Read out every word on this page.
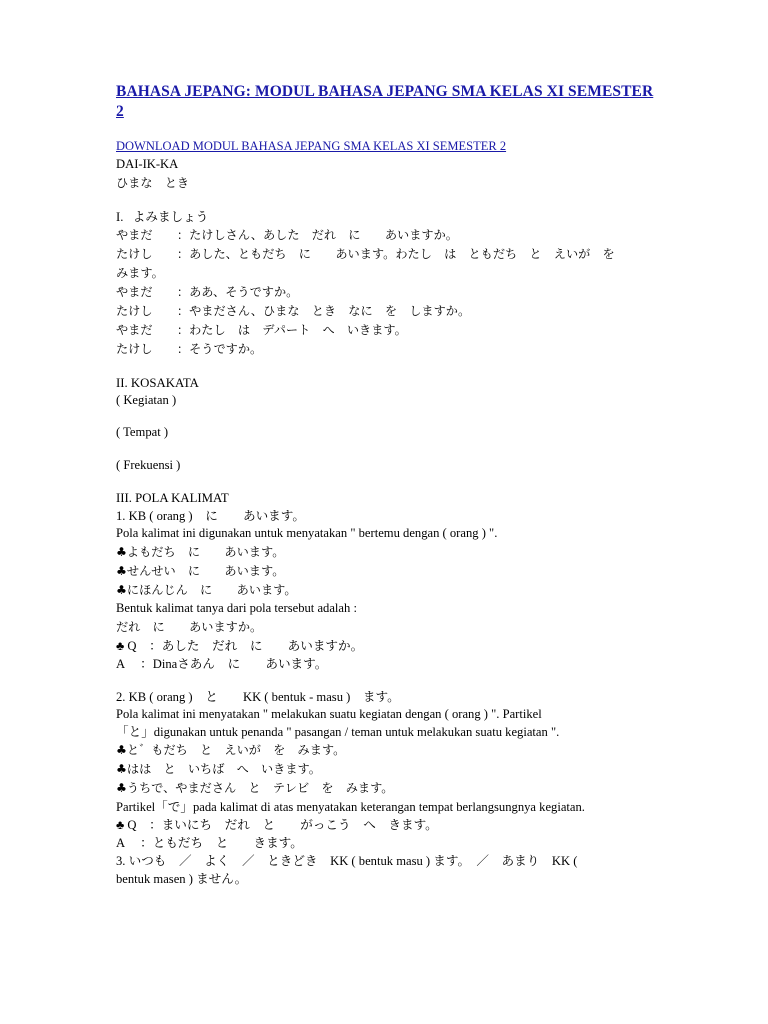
BAHASA JEPANG: MODUL BAHASA JEPANG SMA KELAS XI SEMESTER 2
DOWNLOAD MODUL BAHASA JEPANG SMA KELAS XI SEMESTER 2
DAI-IK-KA
ひまな　とき
I.   よみましょう
やまだ　　：たけしさん、あした　だれ　に　　あいますか。
たけし　　：あした、ともだち　に　　あいます。わたし　は　ともだち　と　えいが　を
みます。
やまだ　　：ああ、そうですか。
たけし　　：やまださん、ひまな　とき　なに　を　しますか。
やまだ　　：わたし　は　デパート　へ　いきます。
たけし　　：そうですか。
II. KOSAKATA
( Kegiatan )
( Tempat )
( Frekuensi )
III. POLA KALIMAT
1. KB ( orang )　に　　あいます。
Pola kalimat ini digunakan untuk menyatakan " bertemu dengan ( orang ) ".
♣よもだち　に　　あいます。
♣せんせい　に　　あいます。
♣にほんじん　に　　あいます。
Bentuk kalimat tanya dari pola tersebut adalah :
だれ　に　　あいますか。
♣ Q　：あした　だれ　に　　あいますか。
A　 ：Dinaさあん　に　　あいます。
2. KB ( orang )　と　　KK ( bentuk - masu )　ます。
Pola kalimat ini menyatakan " melakukan suatu kegiatan dengan ( orang ) ". Partikel
「と」digunakan untuk penanda " pasangan / teman untuk melakukan suatu kegiatan ".
♣と゛もだち　と　えいが　を　みます。
♣はは　と　いちば　へ　いきます。
♣うちで、やまださん　と　テレビ　を　みます。
Partikel「で」pada kalimat di atas menyatakan keterangan tempat berlangsungnya kegiatan.
♣ Q　：まいにち　だれ　と　　がっこう　へ　きます。
A　 ：ともだち　と　　きます。
3. いつも　／　よく　／　ときどき　KK ( bentuk masu ) ます。　／　あまり　KK (
bentuk masen ) ません。
